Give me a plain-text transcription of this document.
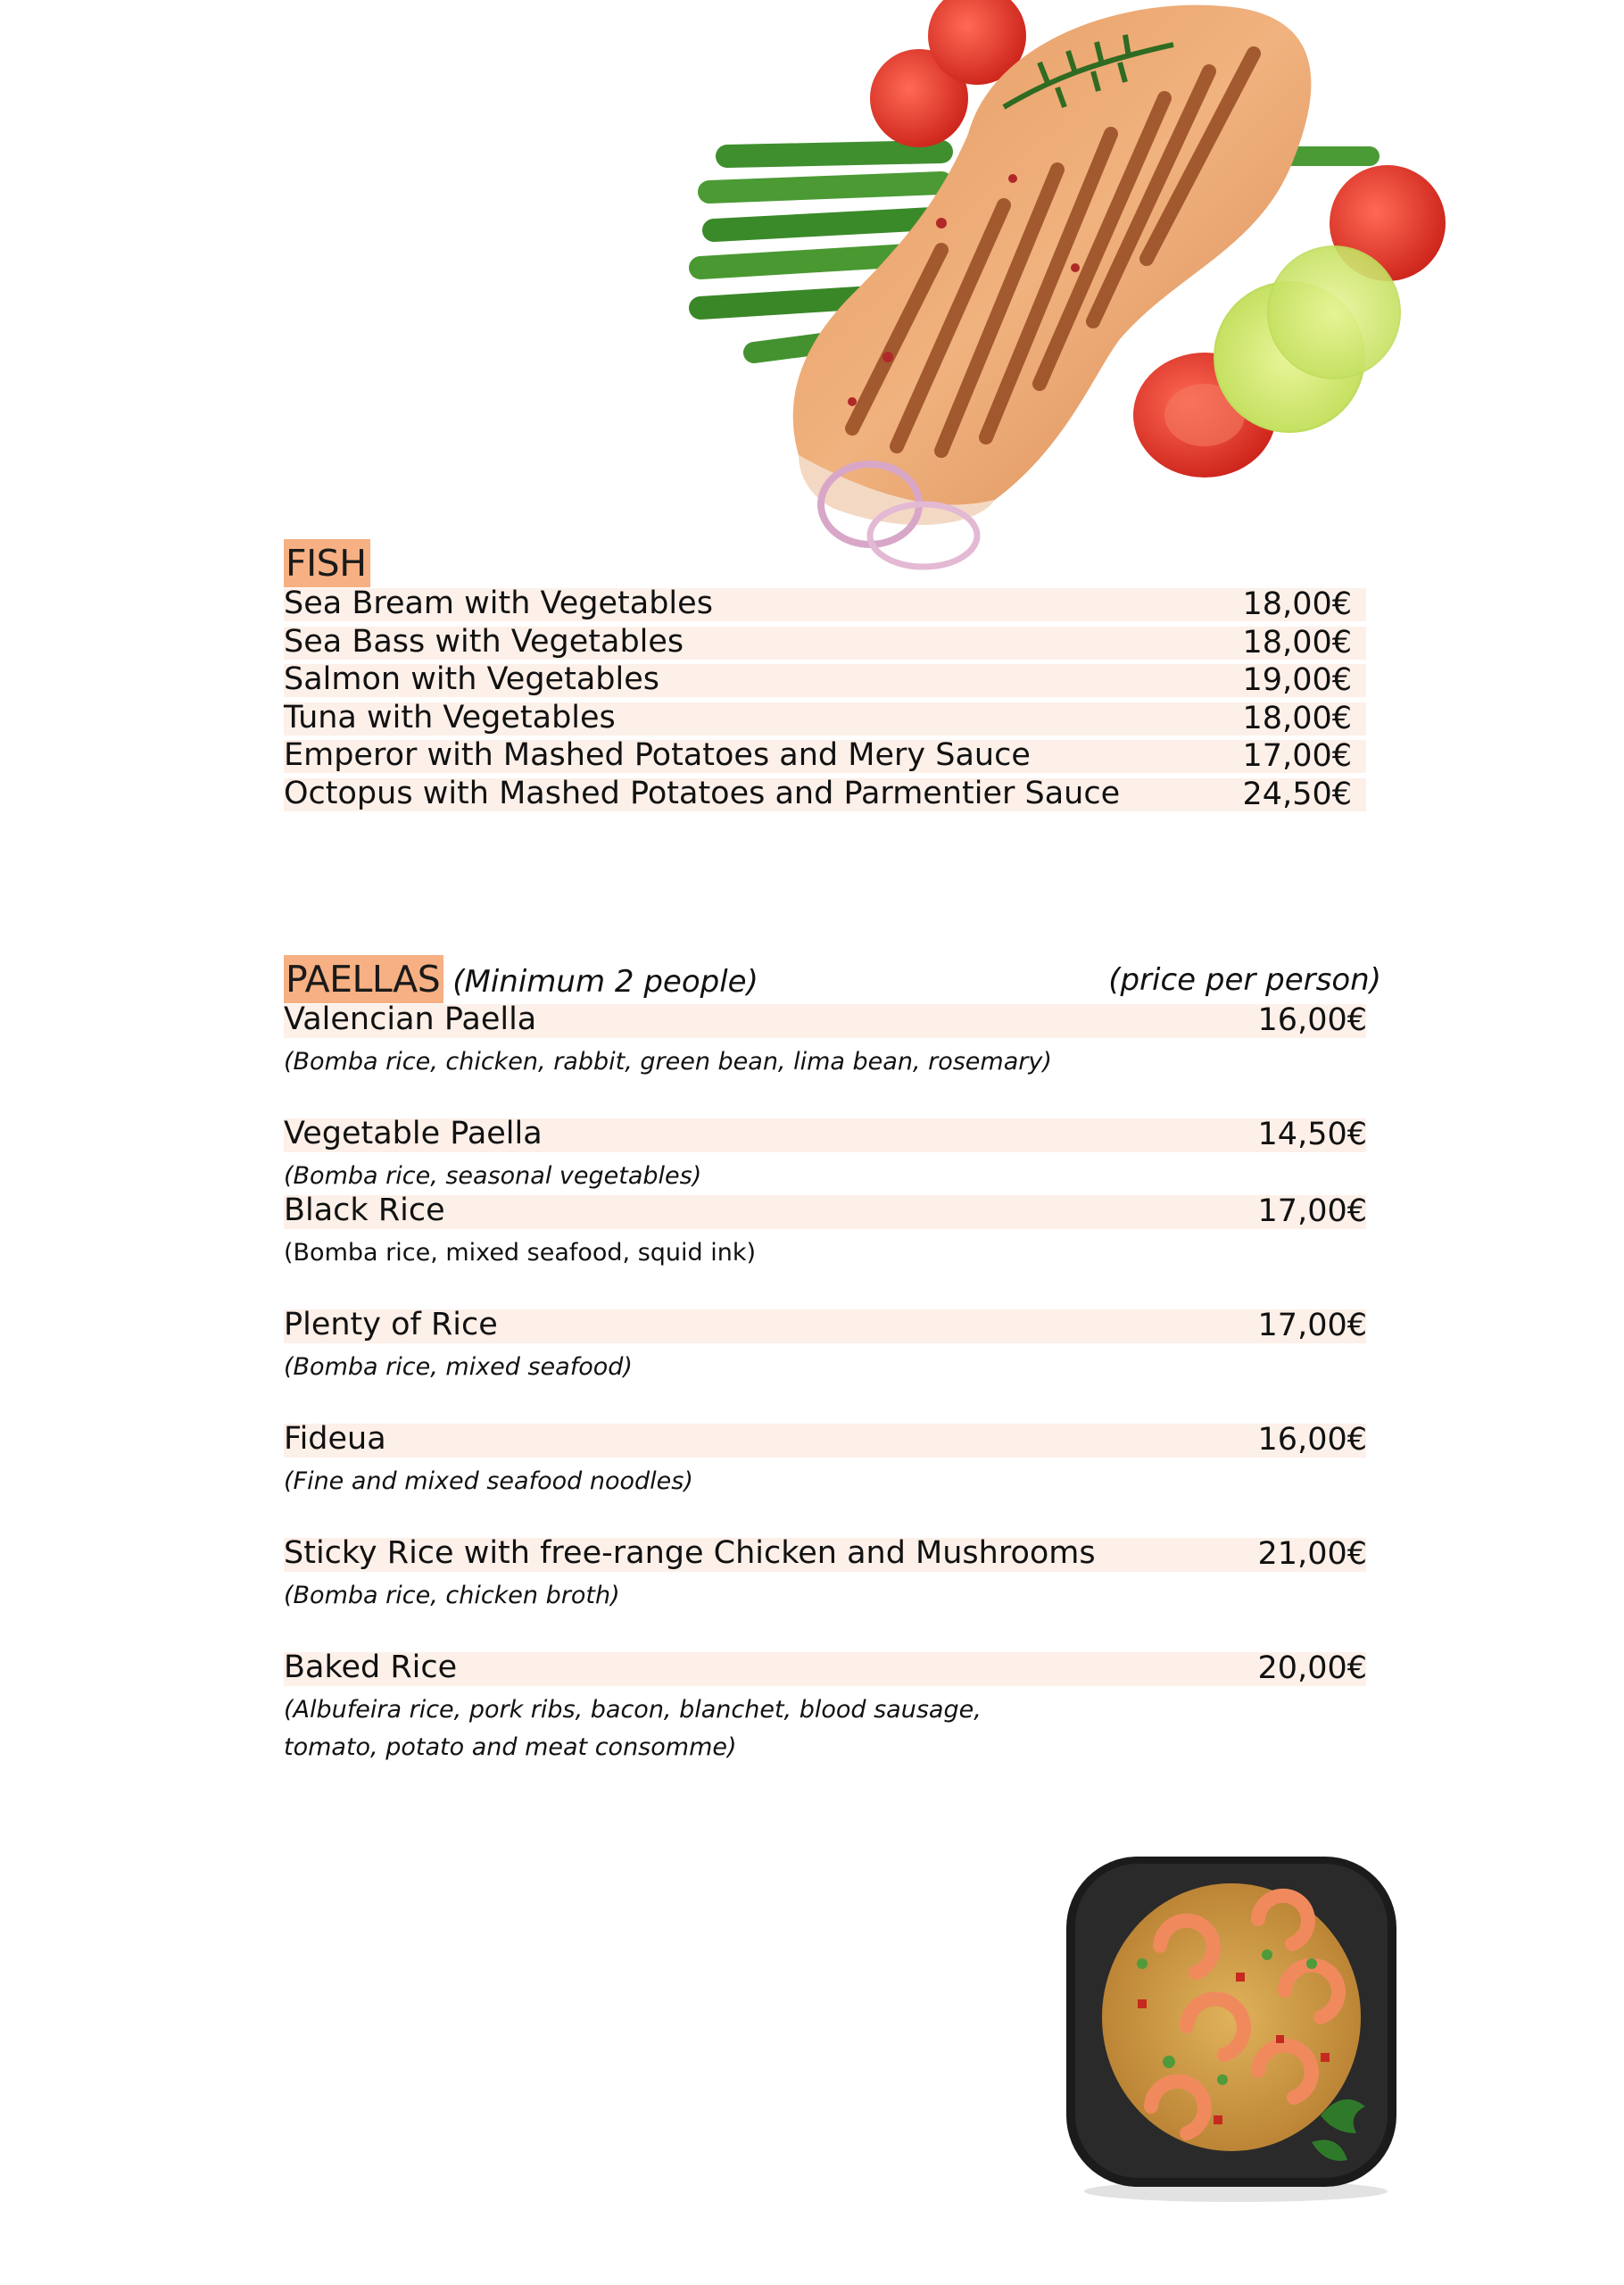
FISH
Sea Bream with Vegetables	18,00€
Sea Bass with Vegetables	18,00€
Salmon with Vegetables	19,00€
Tuna with Vegetables	18,00€
Emperor with Mashed Potatoes and Mery Sauce	17,00€
Octopus with Mashed Potatoes and Parmentier Sauce	24,50€
PAELLAS (Minimum 2 people)	(price per person)
Valencian Paella	16,00€
(Bomba rice, chicken, rabbit, green bean, lima bean, rosemary)
Vegetable Paella	14,50€
(Bomba rice, seasonal vegetables)
Black Rice	17,00€
(Bomba rice, mixed seafood, squid ink)
Plenty of Rice	17,00€
(Bomba rice, mixed seafood)
Fideua	16,00€
(Fine and mixed seafood noodles)
Sticky Rice with free-range Chicken and Mushrooms	21,00€
(Bomba rice, chicken broth)
Baked Rice	20,00€
(Albufeira rice, pork ribs, bacon, blanchet, blood sausage,
tomato, potato and meat consomme)
